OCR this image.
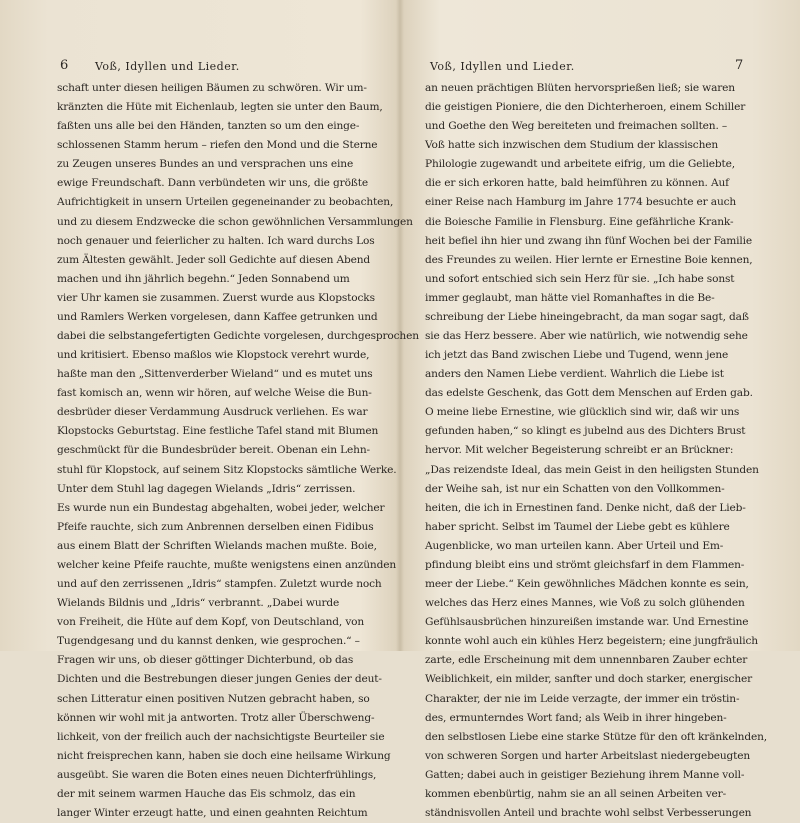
6 Voß, Idyllen und Lieder.
schaft unter diesen heiligen Bäumen zu schwören. Wir um-
kränzten die Hüte mit Eichenlaub, legten sie unter den Baum,
faßten uns alle bei den Händen, tanzten so um den einge-
schlossenen Stamm herum – riefen den Mond und die Sterne
zu Zeugen unseres Bundes an und versprachen uns eine
ewige Freundschaft. Dann verbündeten wir uns, die größte
Aufrichtigkeit in unsern Urteilen gegeneinander zu beobachten,
und zu diesem Endzwecke die schon gewöhnlichen Versammlungen
noch genauer und feierlicher zu halten. Ich ward durchs Los
zum Ältesten gewählt. Jeder soll Gedichte auf diesen Abend
machen und ihn jährlich begehn.“ Jeden Sonnabend um
vier Uhr kamen sie zusammen. Zuerst wurde aus Klopstocks
und Ramlers Werken vorgelesen, dann Kaffee getrunken und
dabei die selbstangefertigten Gedichte vorgelesen, durchgesprochen
und kritisiert. Ebenso maßlos wie Klopstock verehrt wurde,
haßte man den „Sittenverderber Wieland“ und es mutet uns
fast komisch an, wenn wir hören, auf welche Weise die Bun-
desbrüder dieser Verdammung Ausdruck verliehen. Es war
Klopstocks Geburtstag. Eine festliche Tafel stand mit Blumen
geschmückt für die Bundesbrüder bereit. Obenan ein Lehn-
stuhl für Klopstock, auf seinem Sitz Klopstocks sämtliche Werke.
Unter dem Stuhl lag dagegen Wielands „Idris“ zerrissen.
Es wurde nun ein Bundestag abgehalten, wobei jeder, welcher
Pfeife rauchte, sich zum Anbrennen derselben einen Fidibus
aus einem Blatt der Schriften Wielands machen mußte. Boie,
welcher keine Pfeife rauchte, mußte wenigstens einen anzünden
und auf den zerrissenen „Idris“ stampfen. Zuletzt wurde noch
Wielands Bildnis und „Idris“ verbrannt. „Dabei wurde
von Freiheit, die Hüte auf dem Kopf, von Deutschland, von
Tugendgesang und du kannst denken, wie gesprochen.“ –
Fragen wir uns, ob dieser göttinger Dichterbund, ob das
Dichten und die Bestrebungen dieser jungen Genies der deut-
schen Litteratur einen positiven Nutzen gebracht haben, so
können wir wohl mit ja antworten. Trotz aller Überschweng-
lichkeit, von der freilich auch der nachsichtigste Beurteiler sie
nicht freisprechen kann, haben sie doch eine heilsame Wirkung
ausgeübt. Sie waren die Boten eines neuen Dichterfrühlings,
der mit seinem warmen Hauche das Eis schmolz, das ein
langer Winter erzeugt hatte, und einen geahnten Reichtum
Voß, Idyllen und Lieder.	7
an neuen prächtigen Blüten hervorsprießen ließ; sie waren
die geistigen Pioniere, die den Dichterheroen, einem Schiller
und Goethe den Weg bereiteten und freimachen sollten. –
Voß hatte sich inzwischen dem Studium der klassischen
Philologie zugewandt und arbeitete eifrig, um die Geliebte,
die er sich erkoren hatte, bald heimführen zu können. Auf
einer Reise nach Hamburg im Jahre 1774 besuchte er auch
die Boiesche Familie in Flensburg. Eine gefährliche Krank-
heit befiel ihn hier und zwang ihn fünf Wochen bei der Familie
des Freundes zu weilen. Hier lernte er Ernestine Boie kennen,
und sofort entschied sich sein Herz für sie. „Ich habe sonst
immer geglaubt, man hätte viel Romanhaftes in die Be-
schreibung der Liebe hineingebracht, da man sogar sagt, daß
sie das Herz bessere. Aber wie natürlich, wie notwendig sehe
ich jetzt das Band zwischen Liebe und Tugend, wenn jene
anders den Namen Liebe verdient. Wahrlich die Liebe ist
das edelste Geschenk, das Gott dem Menschen auf Erden gab.
O meine liebe Ernestine, wie glücklich sind wir, daß wir uns
gefunden haben,“ so klingt es jubelnd aus des Dichters Brust
hervor. Mit welcher Begeisterung schreibt er an Brückner:
„Das reizendste Ideal, das mein Geist in den heiligsten Stunden
der Weihe sah, ist nur ein Schatten von den Vollkommen-
heiten, die ich in Ernestinen fand. Denke nicht, daß der Lieb-
haber spricht. Selbst im Taumel der Liebe gebt es kühlere
Augenblicke, wo man urteilen kann. Aber Urteil und Em-
pfindung bleibt eins und strömt gleichsfarf in dem Flammen-
meer der Liebe.“ Kein gewöhnliches Mädchen konnte es sein,
welches das Herz eines Mannes, wie Voß zu solch glühenden
Gefühlsausbrüchen hinzureißen imstande war. Und Ernestine
konnte wohl auch ein kühles Herz begeistern; eine jungfräulich
zarte, edle Erscheinung mit dem unnennbaren Zauber echter
Weiblichkeit, ein milder, sanfter und doch starker, energischer
Charakter, der nie im Leide verzagte, der immer ein tröstin-
des, ermunterndes Wort fand; als Weib in ihrer hingeben-
den selbstlosen Liebe eine starke Stütze für den oft kränkelnden,
von schweren Sorgen und harter Arbeitslast niedergebeugten
Gatten; dabei auch in geistiger Beziehung ihrem Manne voll-
kommen ebenbürtig, nahm sie an all seinen Arbeiten ver-
ständnisvollen Anteil und brachte wohl selbst Verbesserungen
